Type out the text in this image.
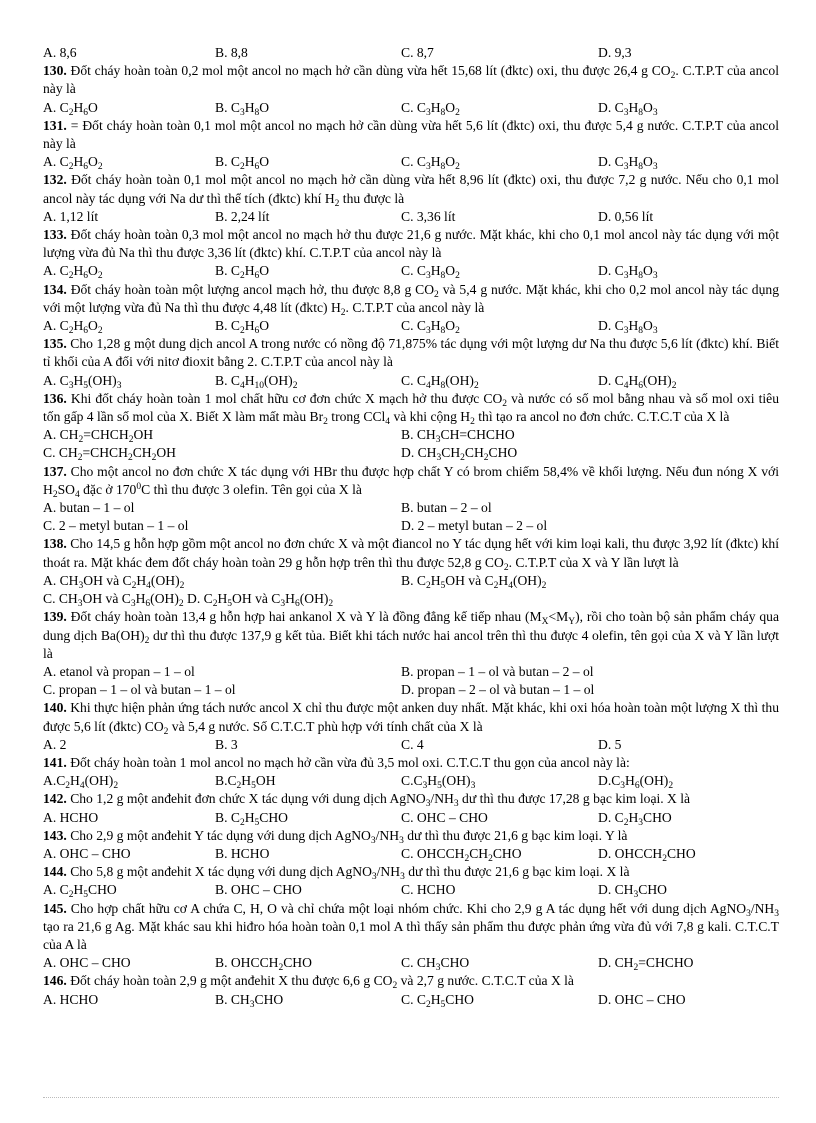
A. 8,6	B. 8,8	C. 8,7	D. 9,3

130. Đốt cháy hoàn toàn 0,2 mol một ancol no mạch hở cần dùng vừa hết 15,68 lít (đktc) oxi, thu được 26,4 g $CO_2$. C.T.P.T của ancol này là

A. $C_2H_6O$	B. $C_3H_8O$	C. $C_3H_8O_2$	D. $C_3H_8O_3$

131. = Đốt cháy hoàn toàn 0,1 mol một ancol no mạch hở cần dùng vừa hết 5,6 lít (đktc) oxi, thu được 5,4 g nước. C.T.P.T của ancol này là

A. $C_2H_6O_2$	B. $C_2H_6O$	C. $C_3H_8O_2$	D. $C_3H_8O_3$

132. Đốt cháy hoàn toàn 0,1 mol một ancol no mạch hở cần dùng vừa hết 8,96 lít (đktc) oxi, thu được 7,2 g nước. Nếu cho 0,1 mol ancol này tác dụng với Na dư thì thể tích (đktc) khí $H_2$ thu được là

A. 1,12 lít	B. 2,24 lít	C. 3,36 lít	D. 0,56 lít

133. Đốt cháy hoàn toàn 0,3 mol một ancol no mạch hở thu được 21,6 g nước. Mặt khác, khi cho 0,1 mol ancol này tác dụng với một lượng vừa đủ Na thì thu được 3,36 lít (đktc) khí. C.T.P.T của ancol này là

A. $C_2H_6O_2$	B. $C_2H_6O$	C. $C_3H_8O_2$	D. $C_3H_8O_3$

134. Đốt cháy hoàn toàn một lượng ancol mạch hở, thu được 8,8 g $CO_2$ và 5,4 g nước. Mặt khác, khi cho 0,2 mol ancol này tác dụng với một lượng vừa đủ Na thì thu được 4,48 lít (đktc) $H_2$. C.T.P.T của ancol này là

A. $C_2H_6O_2$	B. $C_2H_6O$	C. $C_3H_8O_2$	D. $C_3H_8O_3$

135. Cho 1,28 g một dung dịch ancol A trong nước có nồng độ 71,875% tác dụng với một lượng dư Na thu được 5,6 lít (đktc) khí. Biết tỉ khối của A đối với nitơ đioxit bằng 2. C.T.P.T của ancol này là

A. $C_3H_5(OH)_3$	B. $C_4H_{10}(OH)_2$	C. $C_4H_8(OH)_2$	D. $C_4H_6(OH)_2$

136. Khi đốt cháy hoàn toàn 1 mol chất hữu cơ đơn chức X mạch hở thu được $CO_2$ và nước có số mol bằng nhau và số mol oxi tiêu tốn gấp 4 lần số mol của X. Biết X làm mất màu $Br_2$ trong CCl$_4$ và khi cộng $H_2$ thì tạo ra ancol no đơn chức. C.T.C.T của X là

A. $CH_2=CHCH_2OH$	B. $CH_3CH=CHCHO$
C. $CH_2=CHCH_2CH_2OH$	D. $CH_3CH_2CH_2CHO$

137. Cho một ancol no đơn chức X tác dụng với HBr thu được hợp chất Y có brom chiếm 58,4% về khối lượng. Nếu đun nóng X với $H_2SO_4$ đặc ở $170^0C$ thì thu được 3 olefin. Tên gọi của X là

A. butan – 1 – ol	B. butan – 2 – ol
C. 2 – metyl butan – 1 – ol	D. 2 – metyl butan – 2 – ol

138. Cho 14,5 g hỗn hợp gồm một ancol no đơn chức X và một điancol no Y tác dụng hết với kim loại kali, thu được 3,92 lít (đktc) khí thoát ra. Mặt khác đem đốt cháy hoàn toàn 29 g hỗn hợp trên thì thu được 52,8 g $CO_2$. C.T.P.T của X và Y lần lượt là

A. $CH_3OH$ và $C_2H_4(OH)_2$	B. $C_2H_5OH$ và $C_2H_4(OH)_2$
C. $CH_3OH$ và $C_3H_6(OH)_2$ D. $C_2H_5OH$ và $C_3H_6(OH)_2$

139. Đốt cháy hoàn toàn 13,4 g hỗn hợp hai ankanol X và Y là đồng đẳng kế tiếp nhau $(M_X<M_Y)$, rồi cho toàn bộ sản phẩm cháy qua dung dịch $Ba(OH)_2$ dư thì thu được 137,9 g kết tủa. Biết khi tách nước hai ancol trên thì thu được 4 olefin, tên gọi của X và Y lần lượt là

A. etanol và propan – 1 – ol	B. propan – 1 – ol và butan – 2 – ol
C. propan – 1 – ol và butan – 1 – ol	D. propan – 2 – ol và butan – 1 – ol

140. Khi thực hiện phản ứng tách nước ancol X chỉ thu được một anken duy nhất. Mặt khác, khi oxi hóa hoàn toàn một lượng X thì thu được 5,6 lít (đktc) $CO_2$ và 5,4 g nước. Số C.T.C.T phù hợp với tính chất của X là

A. 2	B. 3	C. 4	D. 5

141. Đốt cháy hoàn toàn 1 mol ancol no mạch hở cần vừa đủ 3,5 mol oxi. C.T.C.T thu gọn của ancol này là:

$A.C_2H_4(OH)_2$	$B.C_2H_5OH$	$C.C_3H_5(OH)_3$	$D.C_3H_6(OH)_2$

142. Cho 1,2 g một anđehit đơn chức X tác dụng với dung dịch $AgNO_3/NH_3$ dư thì thu được 17,28 g bạc kim loại. X là

A. HCHO	B. $C_2H_5CHO$	C. OHC – CHO	D. $C_2H_3CHO$

143. Cho 2,9 g một anđehit Y tác dụng với dung dịch $AgNO_3/NH_3$ dư thì thu được 21,6 g bạc kim loại. Y là

A. OHC – CHO	B. HCHO	C. $OHCCH_2CH_2CHO$	D. $OHCCH_2CHO$

144. Cho 5,8 g một anđehit X tác dụng với dung dịch $AgNO_3/NH_3$ dư thì thu được 21,6 g bạc kim loại. X là

A. $C_2H_5CHO$	B. OHC – CHO	C. HCHO	D. $CH_3CHO$

145. Cho hợp chất hữu cơ A chứa C, H, O và chỉ chứa một loại nhóm chức. Khi cho 2,9 g A tác dụng hết với dung dịch $AgNO_3/NH_3$ tạo ra 21,6 g Ag. Mặt khác sau khi hiđro hóa hoàn toàn 0,1 mol A thì thấy sản phẩm thu được phản ứng vừa đủ với 7,8 g kali. C.T.C.T của A là

A. OHC – CHO	B. $OHCCH_2CHO$	C. $CH_3CHO$	D. $CH_2=CHCHO$

146. Đốt cháy hoàn toàn 2,9 g một anđehit X thu được 6,6 g $CO_2$ và 2,7 g nước. C.T.C.T của X là

A. HCHO	B. $CH_3CHO$	C. $C_2H_5CHO$	D. OHC – CHO
